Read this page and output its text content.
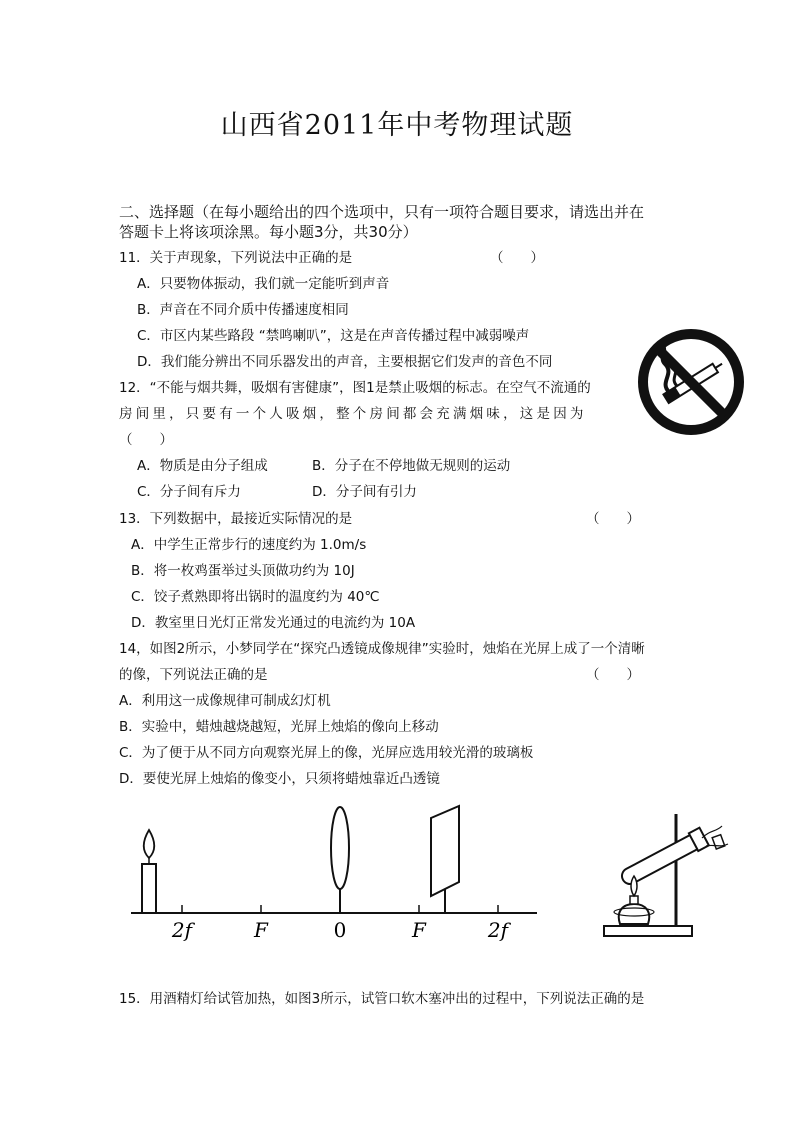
山西省2011年中考物理试题
二、选择题（在每小题给出的四个选项中，只有一项符合题目要求，请选出并在
答题卡上将该项涂黑。每小题3分，共30分）
11．关于声现象，下列说法中正确的是	（　　）
A．只要物体振动，我们就一定能听到声音
B．声音在不同介质中传播速度相同
C．市区内某些路段 “禁鸣喇叭”，这是在声音传播过程中减弱噪声
D．我们能分辨出不同乐器发出的声音，主要根据它们发声的音色不同
12．“不能与烟共舞，吸烟有害健康”，图1是禁止吸烟的标志。在空气不流通的
房间里，只要有一个人吸烟，整个房间都会充满烟味，这是因为
（　　）
A．物质是由分子组成	B．分子在不停地做无规则的运动
C．分子间有斥力	D．分子间有引力
13．下列数据中，最接近实际情况的是	（　　）
A．中学生正常步行的速度约为 1.0m/s
B．将一枚鸡蛋举过头顶做功约为 10J
C．饺子煮熟即将出锅时的温度约为 40℃
D．教室里日光灯正常发光通过的电流约为 10A
14，如图2所示，小梦同学在“探究凸透镜成像规律”实验时，烛焰在光屏上成了一个清晰
的像，下列说法正确的是	（　　）
A．利用这一成像规律可制成幻灯机
B．实验中，蜡烛越烧越短，光屏上烛焰的像向上移动
C．为了便于从不同方向观察光屏上的像，光屏应选用较光滑的玻璃板
D．要使光屏上烛焰的像变小，只须将蜡烛靠近凸透镜
2f	F	0	F	2f
15．用酒精灯给试管加热，如图3所示，试管口软木塞冲出的过程中，下列说法正确的是
